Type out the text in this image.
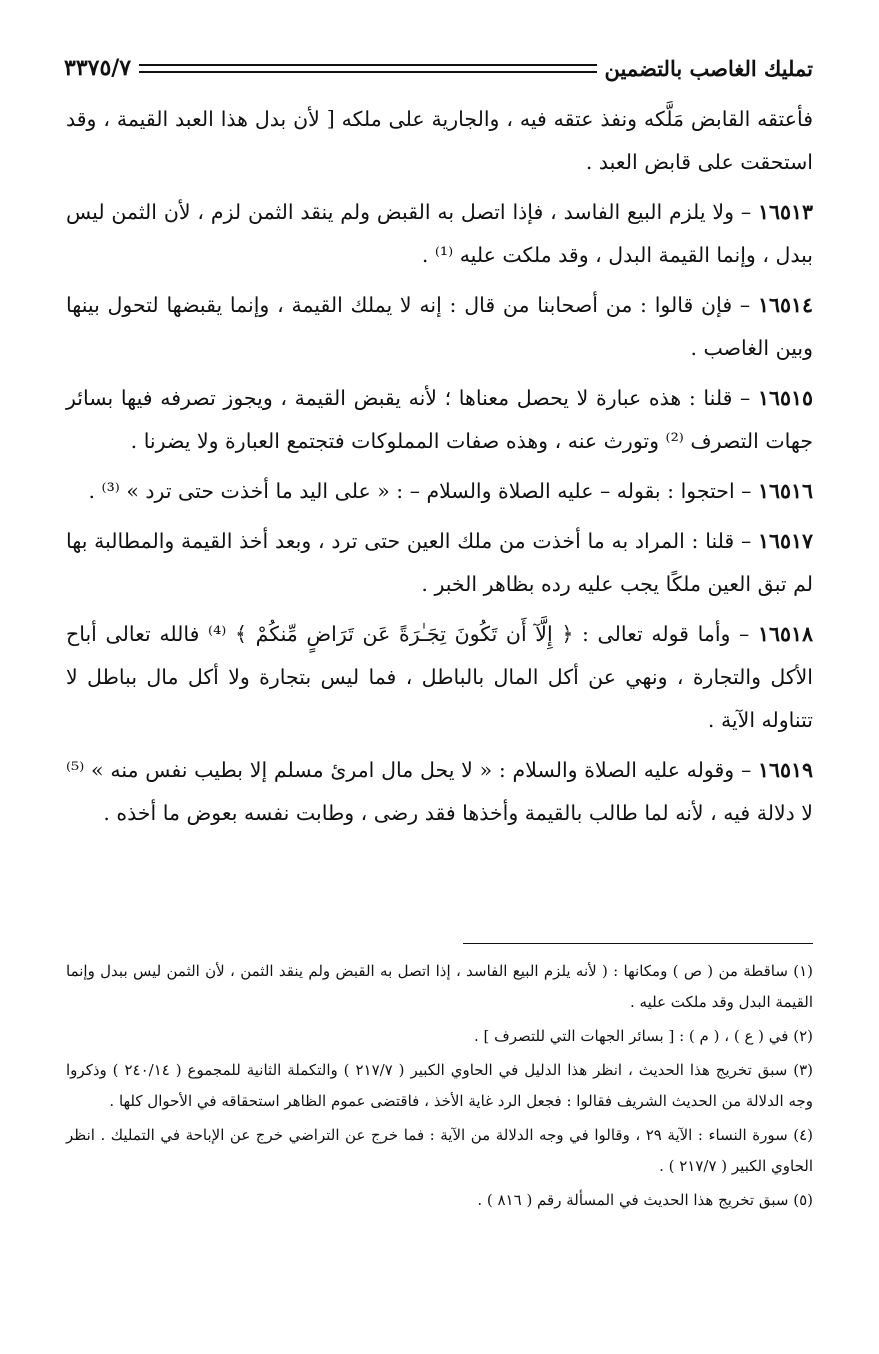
تمليك الغاصب بالتضمين
٣٣٧٥/٧

فأعتقه القابض مَلَّكه ونفذ عتقه فيه ، والجارية على ملكه [ لأن بدل هذا العبد القيمة ، وقد استحقت على قابض العبد .

١٦٥١٣ – ولا يلزم البيع الفاسد ، فإذا اتصل به القبض ولم ينقد الثمن لزم ، لأن الثمن ليس ببدل ، وإنما القيمة البدل ، وقد ملكت عليه ⁽¹⁾ .

١٦٥١٤ – فإن قالوا : من أصحابنا من قال : إنه لا يملك القيمة ، وإنما يقبضها لتحول بينها وبين الغاصب .

١٦٥١٥ – قلنا : هذه عبارة لا يحصل معناها ؛ لأنه يقبض القيمة ، ويجوز تصرفه فيها بسائر جهات التصرف ⁽²⁾ وتورث عنه ، وهذه صفات المملوكات فتجتمع العبارة ولا يضرنا .

١٦٥١٦ – احتجوا : بقوله – عليه الصلاة والسلام – : « على اليد ما أخذت حتى ترد » ⁽³⁾ .

١٦٥١٧ – قلنا : المراد به ما أخذت من ملك العين حتى ترد ، وبعد أخذ القيمة والمطالبة بها لم تبق العين ملكًا يجب عليه رده بظاهر الخبر .

١٦٥١٨ – وأما قوله تعالى : ﴿ إِلَّآ أَن تَكُونَ تِجَـٰرَةً عَن تَرَاضٍ مِّنكُمْ ﴾ ⁽⁴⁾ فالله تعالى أباح الأكل والتجارة ، ونهي عن أكل المال بالباطل ، فما ليس بتجارة ولا أكل مال بباطل لا تتناوله الآية .

١٦٥١٩ – وقوله عليه الصلاة والسلام : « لا يحل مال امرئ مسلم إلا بطيب نفس منه » ⁽⁵⁾ لا دلالة فيه ، لأنه لما طالب بالقيمة وأخذها فقد رضى ، وطابت نفسه بعوض ما أخذه .

(١) ساقطة من ( ص ) ومكانها : ( لأنه يلزم البيع الفاسد ، إذا اتصل به القبض ولم ينقد الثمن ، لأن الثمن ليس ببدل وإنما القيمة البدل وقد ملكت عليه .

(٢) في ( ع ) ، ( م ) : [ بسائر الجهات التي للتصرف ] .

(٣) سبق تخريج هذا الحديث ، انظر هذا الدليل في الحاوي الكبير ( ٢١٧/٧ ) والتكملة الثانية للمجموع ( ٢٤٠/١٤ ) وذكروا وجه الدلالة من الحديث الشريف فقالوا : فجعل الرد غاية الأخذ ، فاقتضى عموم الظاهر استحقاقه في الأحوال كلها .

(٤) سورة النساء : الآية ٢٩ ، وقالوا في وجه الدلالة من الآية : فما خرج عن التراضي خرج عن الإباحة في التمليك . انظر الحاوي الكبير ( ٢١٧/٧ ) .

(٥) سبق تخريج هذا الحديث في المسألة رقم ( ٨١٦ ) .
